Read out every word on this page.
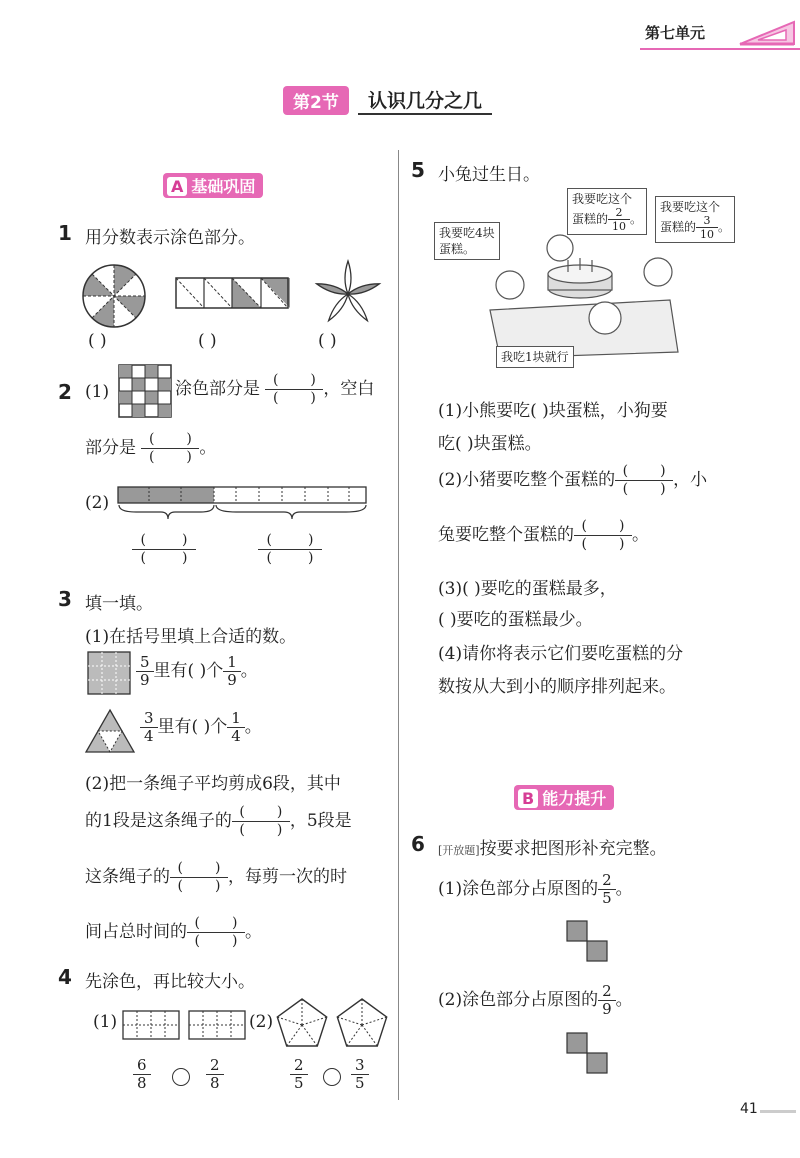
第七单元
第2节 认识几分之几
A 基础巩固
1 用分数表示涂色部分。
( )	( )	( )
2 (1)	涂色部分是 ( )
( ) ，空白
部分是 ( )
( ) 。
(2)
(	)
(	)
(	)
(	)
3 填一填。
(1)在括号里填上合适的数。
$\frac{5}{9}$ 里有( )个 $\frac{1}{9}$ 。
$\frac{3}{4}$ 里有( )个 $\frac{1}{4}$ 。
(2)把一条绳子平均剪成6段，其中
的1段是这条绳子的 ( )
( ) ，5段是
这条绳子的 ( )
( ) ，每剪一次的时
间占总时间的 ( )
( ) 。
4 先涂色，再比较大小。
(1)	(2)
$\frac{6}{8}$	$\frac{2}{8}$	$\frac{2}{5}$	$\frac{3}{5}$
5 小兔过生日。
我要吃4块
蛋糕。
我要吃这个
蛋糕的 $\frac{2}{10}$ 。
我要吃这个
蛋糕的 $\frac{3}{10}$ 。
我吃1块就行
(1)小熊要吃( )块蛋糕，小狗要
吃( )块蛋糕。
(2)小猪要吃整个蛋糕的 ( )
( ) ，小
兔要吃整个蛋糕的 ( )
( ) 。
(3)( )要吃的蛋糕最多，
( )要吃的蛋糕最少。
(4)请你将表示它们要吃蛋糕的分
数按从大到小的顺序排列起来。
B 能力提升
6 [开放题]按要求把图形补充完整。
(1)涂色部分占原图的 $\frac{2}{5}$ 。
(2)涂色部分占原图的 $\frac{2}{9}$ 。
41
